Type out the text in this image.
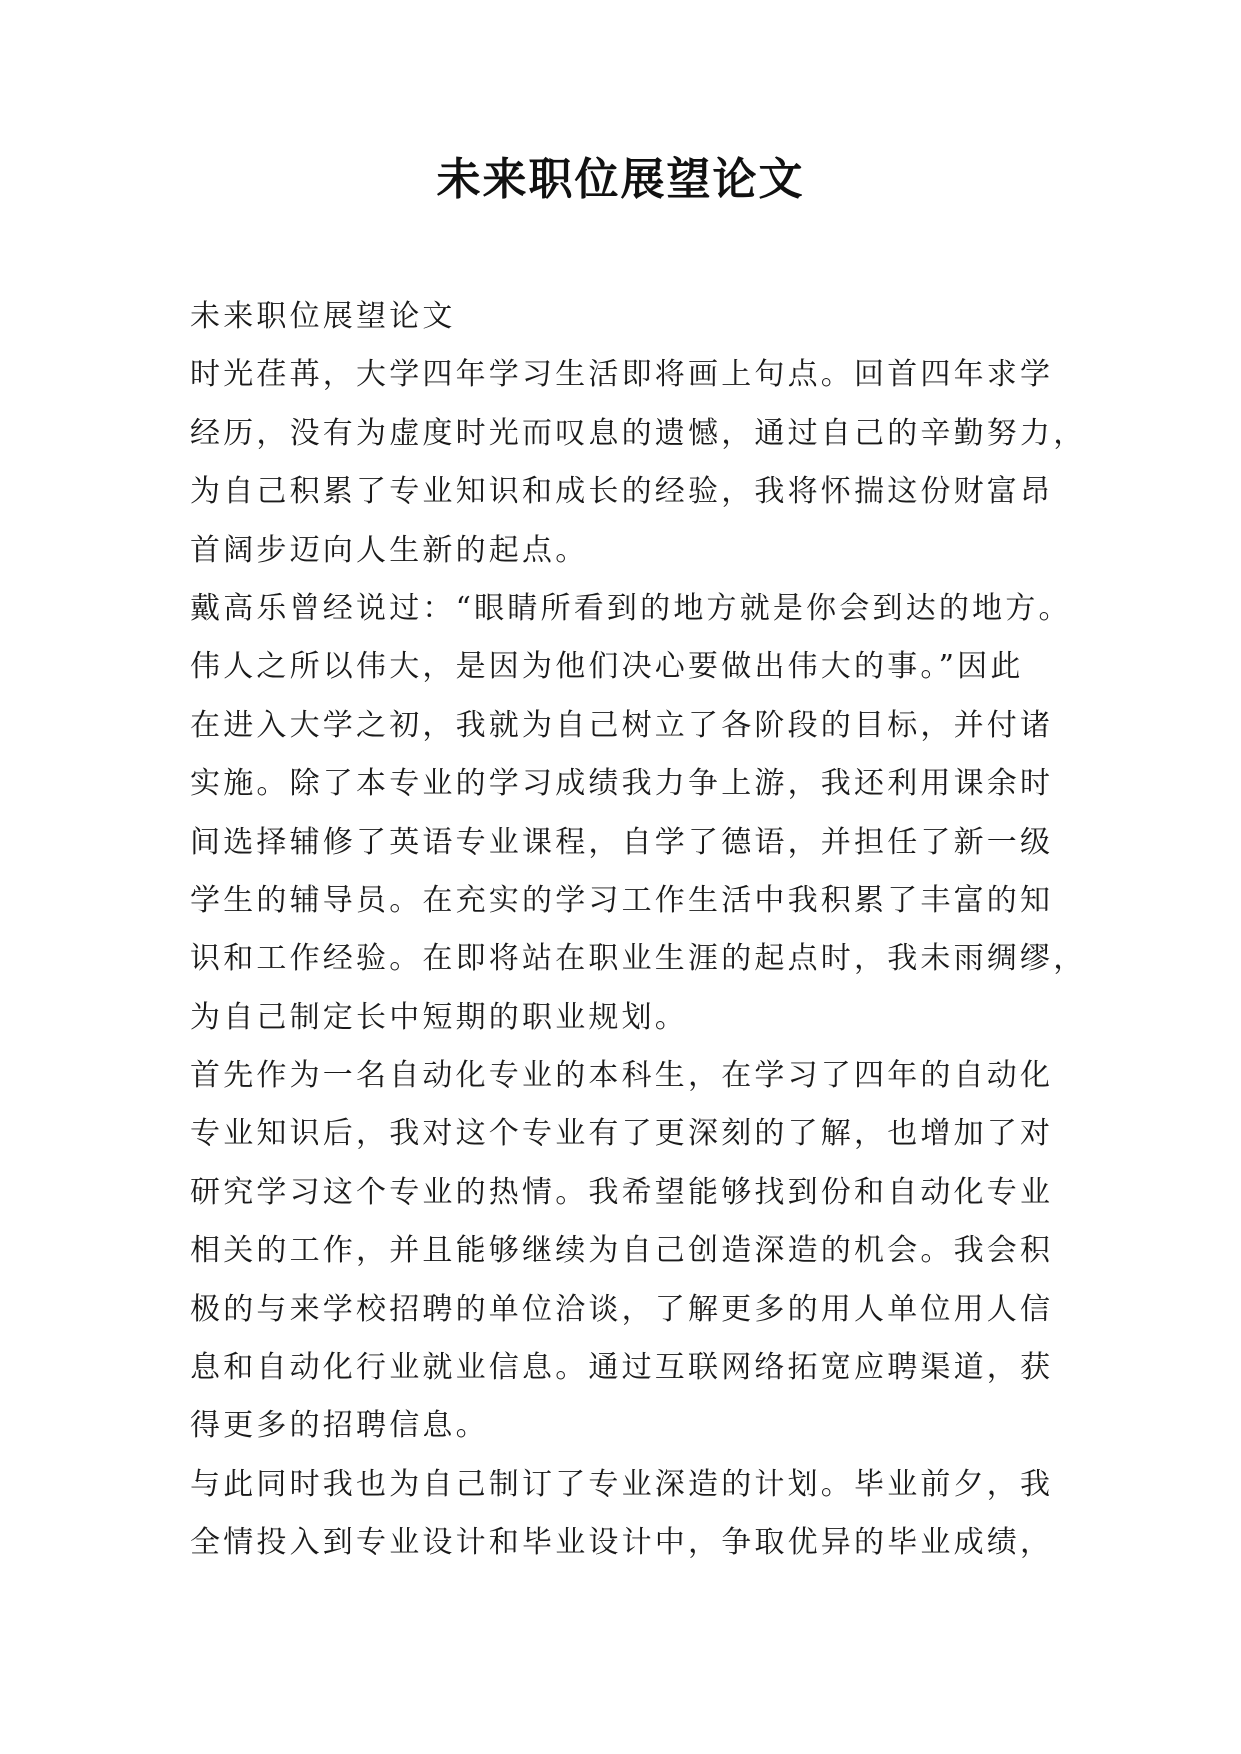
未来职位展望论文
未来职位展望论文
时光荏苒，大学四年学习生活即将画上句点。回首四年求学
经历，没有为虚度时光而叹息的遗憾，通过自己的辛勤努力，
为自己积累了专业知识和成长的经验，我将怀揣这份财富昂
首阔步迈向人生新的起点。
戴高乐曾经说过：“眼睛所看到的地方就是你会到达的地方。
伟人之所以伟大，是因为他们决心要做出伟大的事。”因此
在进入大学之初，我就为自己树立了各阶段的目标，并付诸
实施。除了本专业的学习成绩我力争上游，我还利用课余时
间选择辅修了英语专业课程，自学了德语，并担任了新一级
学生的辅导员。在充实的学习工作生活中我积累了丰富的知
识和工作经验。在即将站在职业生涯的起点时，我未雨绸缪，
为自己制定长中短期的职业规划。
首先作为一名自动化专业的本科生，在学习了四年的自动化
专业知识后，我对这个专业有了更深刻的了解，也增加了对
研究学习这个专业的热情。我希望能够找到份和自动化专业
相关的工作，并且能够继续为自己创造深造的机会。我会积
极的与来学校招聘的单位洽谈，了解更多的用人单位用人信
息和自动化行业就业信息。通过互联网络拓宽应聘渠道，获
得更多的招聘信息。
与此同时我也为自己制订了专业深造的计划。毕业前夕，我
全情投入到专业设计和毕业设计中，争取优异的毕业成绩，
